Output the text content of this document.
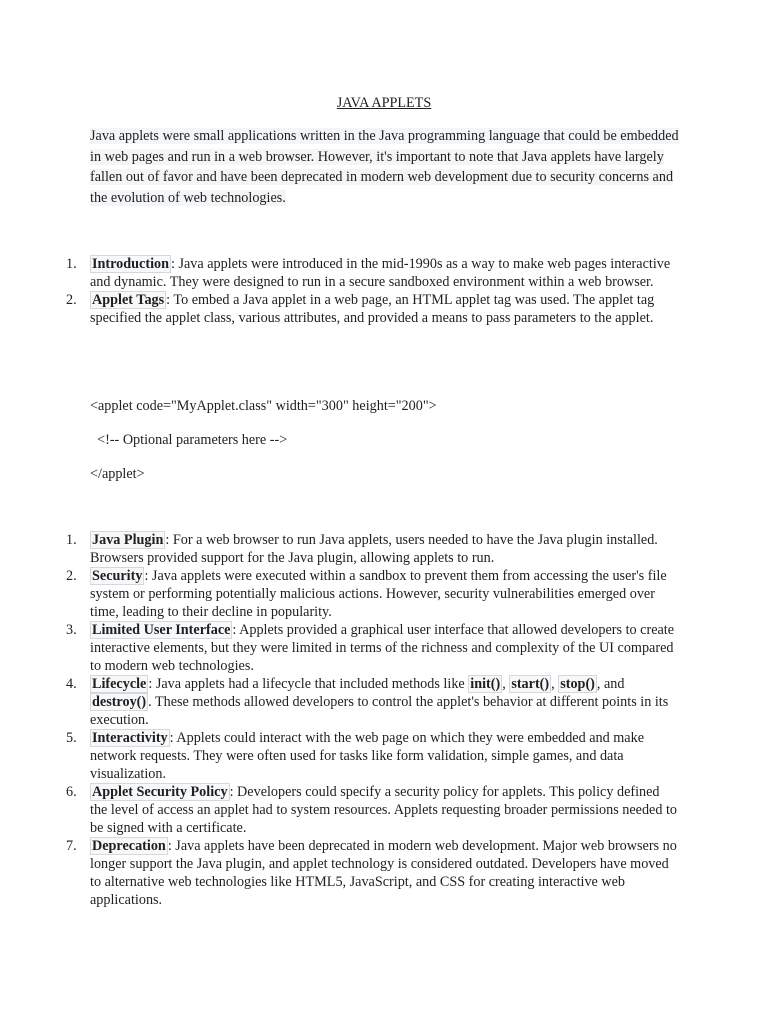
JAVA APPLETS

Java applets were small applications written in the Java programming language that could be embedded in web pages and run in a web browser. However, it's important to note that Java applets have largely fallen out of favor and have been deprecated in modern web development due to security concerns and the evolution of web technologies.

1.	Introduction : Java applets were introduced in the mid-1990s as a way to make web pages interactive and dynamic. They were designed to run in a secure sandboxed environment within a web browser.
2.	Applet Tags : To embed a Java applet in a web page, an HTML applet tag was used. The applet tag specified the applet class, various attributes, and provided a means to pass parameters to the applet.
<applet code="MyApplet.class" width="300" height="200">
<!-- Optional parameters here -->
</applet>
1.	Java Plugin : For a web browser to run Java applets, users needed to have the Java plugin installed. Browsers provided support for the Java plugin, allowing applets to run.
2.	Security : Java applets were executed within a sandbox to prevent them from accessing the user's file system or performing potentially malicious actions. However, security vulnerabilities emerged over time, leading to their decline in popularity.
3.	Limited User Interface : Applets provided a graphical user interface that allowed developers to create interactive elements, but they were limited in terms of the richness and complexity of the UI compared to modern web technologies.
4.	Lifecycle : Java applets had a lifecycle that included methods like init() , start() , stop() , and destroy() . These methods allowed developers to control the applet's behavior at different points in its execution.
5.	Interactivity : Applets could interact with the web page on which they were embedded and make network requests. They were often used for tasks like form validation, simple games, and data visualization.
6.	Applet Security Policy : Developers could specify a security policy for applets. This policy defined the level of access an applet had to system resources. Applets requesting broader permissions needed to be signed with a certificate.
7.	Deprecation : Java applets have been deprecated in modern web development. Major web browsers no longer support the Java plugin, and applet technology is considered outdated. Developers have moved to alternative web technologies like HTML5, JavaScript, and CSS for creating interactive web applications.
